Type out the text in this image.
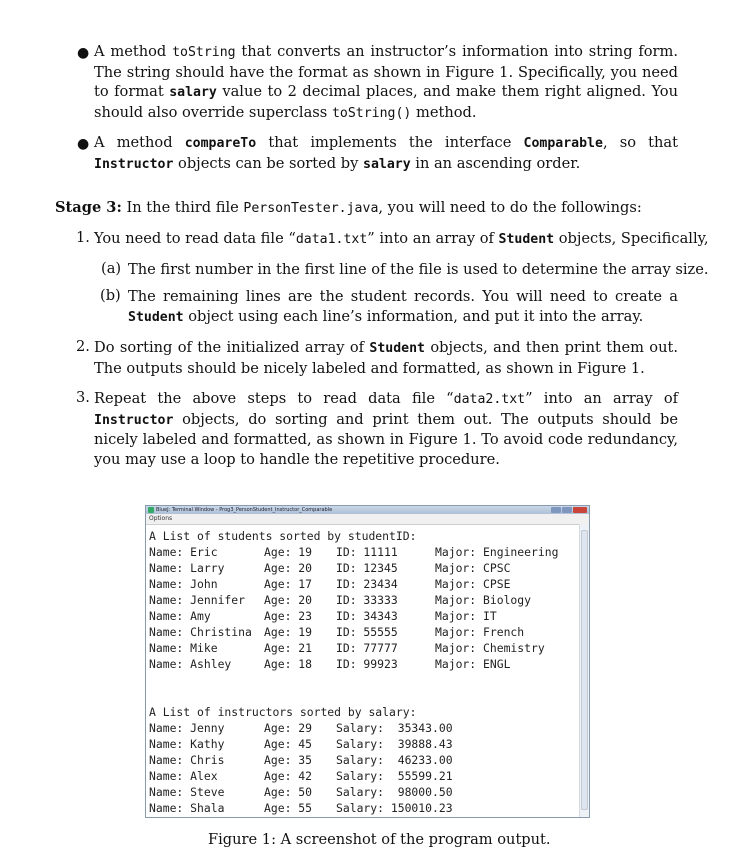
● A method toString that converts an instructor’s information into string form. The string should have the format as shown in Figure 1. Specifically, you need to format salary value to 2 decimal places, and make them right aligned. You should also override superclass toString() method.
● A method compareTo that implements the interface Comparable, so that Instructor objects can be sorted by salary in an ascending order.
Stage 3: In the third file PersonTester.java, you will need to do the followings:
1. You need to read data file “data1.txt” into an array of Student objects, Specifically,
(a) The first number in the first line of the file is used to determine the array size.
(b) The remaining lines are the student records. You will need to create a Student object using each line’s information, and put it into the array.
2. Do sorting of the initialized array of Student objects, and then print them out. The outputs should be nicely labeled and formatted, as shown in Figure 1.
3. Repeat the above steps to read data file “data2.txt” into an array of Instructor objects, do sorting and print them out. The outputs should be nicely labeled and formatted, as shown in Figure 1. To avoid code redundancy, you may use a loop to handle the repetitive procedure.
BlueJ: Terminal Window - Prog3_PersonStudent_Instructor_Comparable
Options
A List of students sorted by studentID:
Name: Eric	Age: 19 ID: 11111	Major: Engineering
Name: Larry	Age: 20 ID: 12345	Major: CPSC
Name: John	Age: 17 ID: 23434	Major: CPSE
Name: Jennifer Age: 20 ID: 33333	Major: Biology
Name: Amy	Age: 23 ID: 34343	Major: IT
Name: Christina Age: 19 ID: 55555	Major: French
Name: Mike	Age: 21 ID: 77777	Major: Chemistry
Name: Ashley	Age: 18 ID: 99923	Major: ENGL
A List of instructors sorted by salary:
Name: Jenny	Age: 29 Salary:  35343.00
Name: Kathy	Age: 45 Salary:  39888.43
Name: Chris	Age: 35 Salary:  46233.00
Name: Alex	Age: 42 Salary:  55599.21
Name: Steve	Age: 50 Salary:  98000.50
Name: Shala	Age: 55 Salary: 150010.23
Figure 1: A screenshot of the program output.
